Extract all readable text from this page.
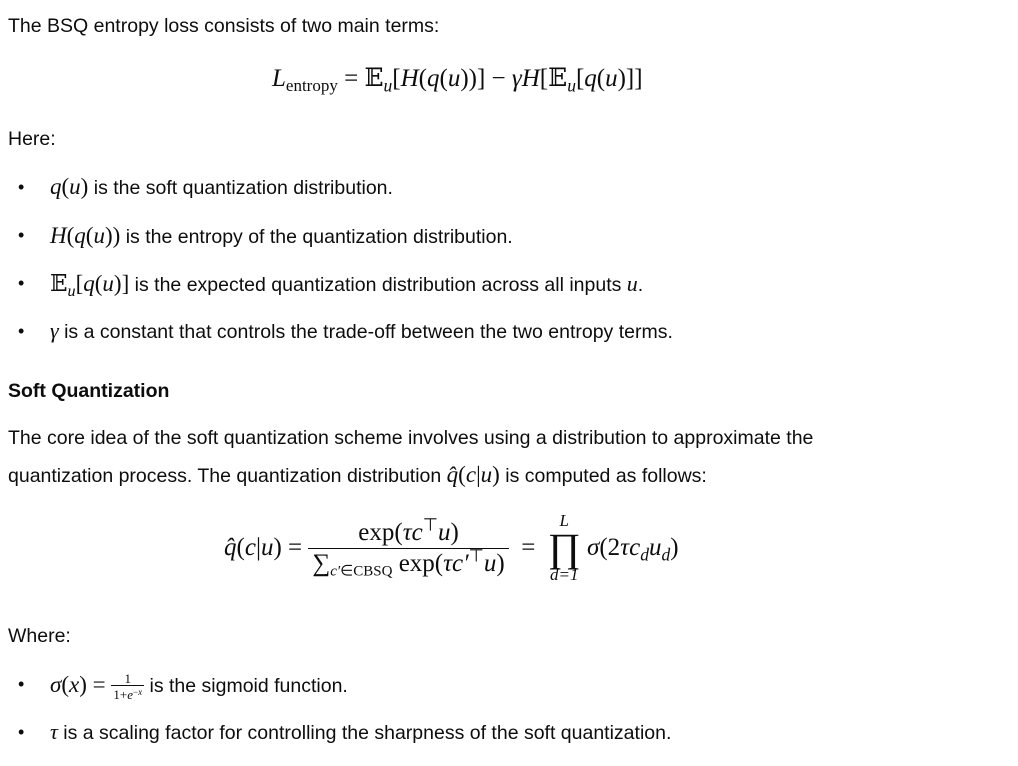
The BSQ entropy loss consists of two main terms:
$L_{entropy}$ = 𝔼$_u$[H(q(u))] − γH[𝔼$_u$[q(u)]]
Here:
• q(u) is the soft quantization distribution.
• H(q(u)) is the entropy of the quantization distribution.
• 𝔼$_u$[q(u)] is the expected quantization distribution across all inputs u.
• γ is a constant that controls the trade-off between the two entropy terms.
Soft Quantization
The core idea of the soft quantization scheme involves using a distribution to approximate the
quantization process. The quantization distribution q̂(c|u) is computed as follows:
q̂(c|u) = $\frac{\exp(\tau c^⊤u)}{\sum_{c'\in CBSQ} \exp(\tau c'^⊤u)}$ =
L
∏
d=1
$\sigma(2\tau c_du_d)$
Where:
• $\sigma(x) = \frac{1}{1+e^{-x}}$ is the sigmoid function.
• τ is a scaling factor for controlling the sharpness of the soft quantization.
